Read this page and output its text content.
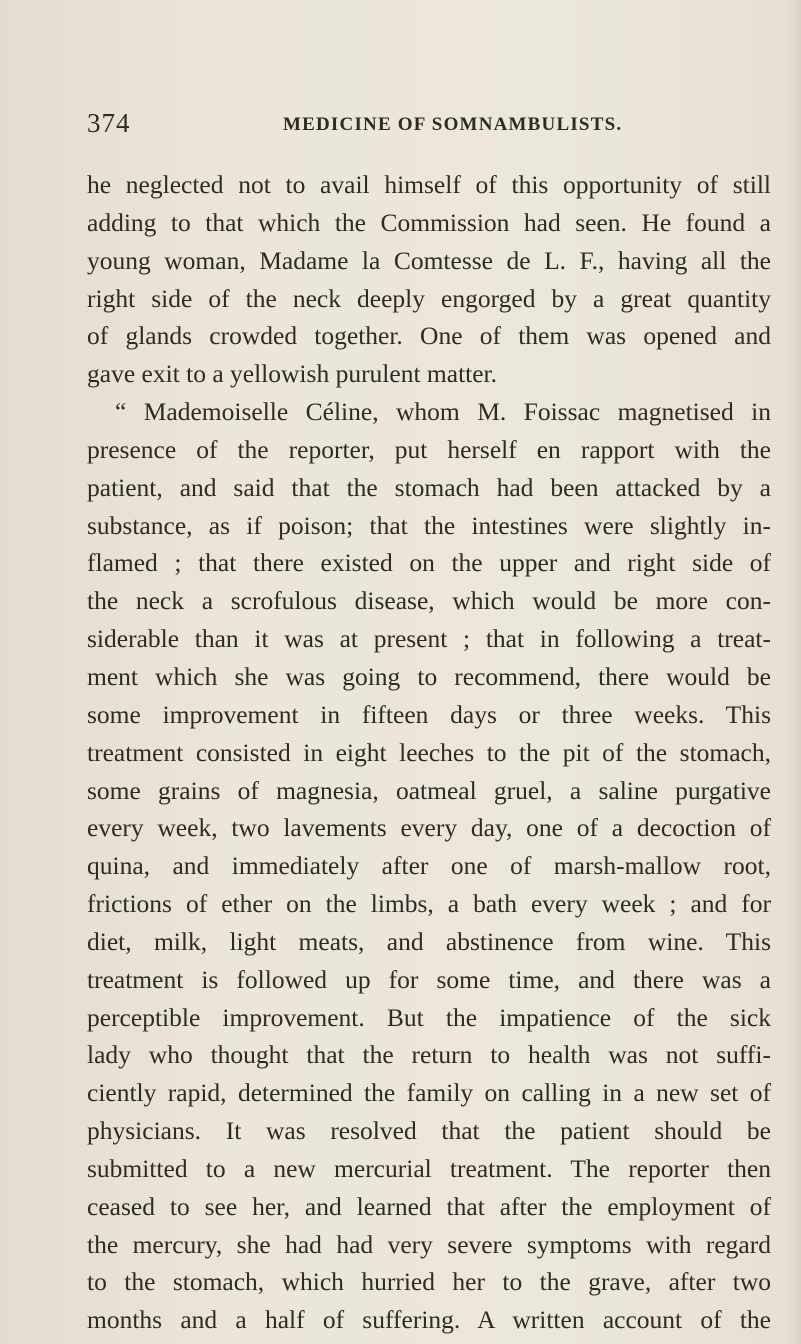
374	MEDICINE OF SOMNAMBULISTS.
he neglected not to avail himself of this opportunity of still
adding to that which the Commission had seen. He found a
young woman, Madame la Comtesse de L. F., having all the
right side of the neck deeply engorged by a great quantity
of glands crowded together. One of them was opened and
gave exit to a yellowish purulent matter.
“ Mademoiselle Céline, whom M. Foissac magnetised in
presence of the reporter, put herself en rapport with the
patient, and said that the stomach had been attacked by a
substance, as if poison; that the intestines were slightly in-
flamed ; that there existed on the upper and right side of
the neck a scrofulous disease, which would be more con-
siderable than it was at present ; that in following a treat-
ment which she was going to recommend, there would be
some improvement in fifteen days or three weeks. This
treatment consisted in eight leeches to the pit of the stomach,
some grains of magnesia, oatmeal gruel, a saline purgative
every week, two lavements every day, one of a decoction of
quina, and immediately after one of marsh-mallow root,
frictions of ether on the limbs, a bath every week ; and for
diet, milk, light meats, and abstinence from wine. This
treatment is followed up for some time, and there was a
perceptible improvement. But the impatience of the sick
lady who thought that the return to health was not suffi-
ciently rapid, determined the family on calling in a new set of
physicians. It was resolved that the patient should be
submitted to a new mercurial treatment. The reporter then
ceased to see her, and learned that after the employment of
the mercury, she had had very severe symptoms with regard
to the stomach, which hurried her to the grave, after two
months and a half of suffering. A written account of the
